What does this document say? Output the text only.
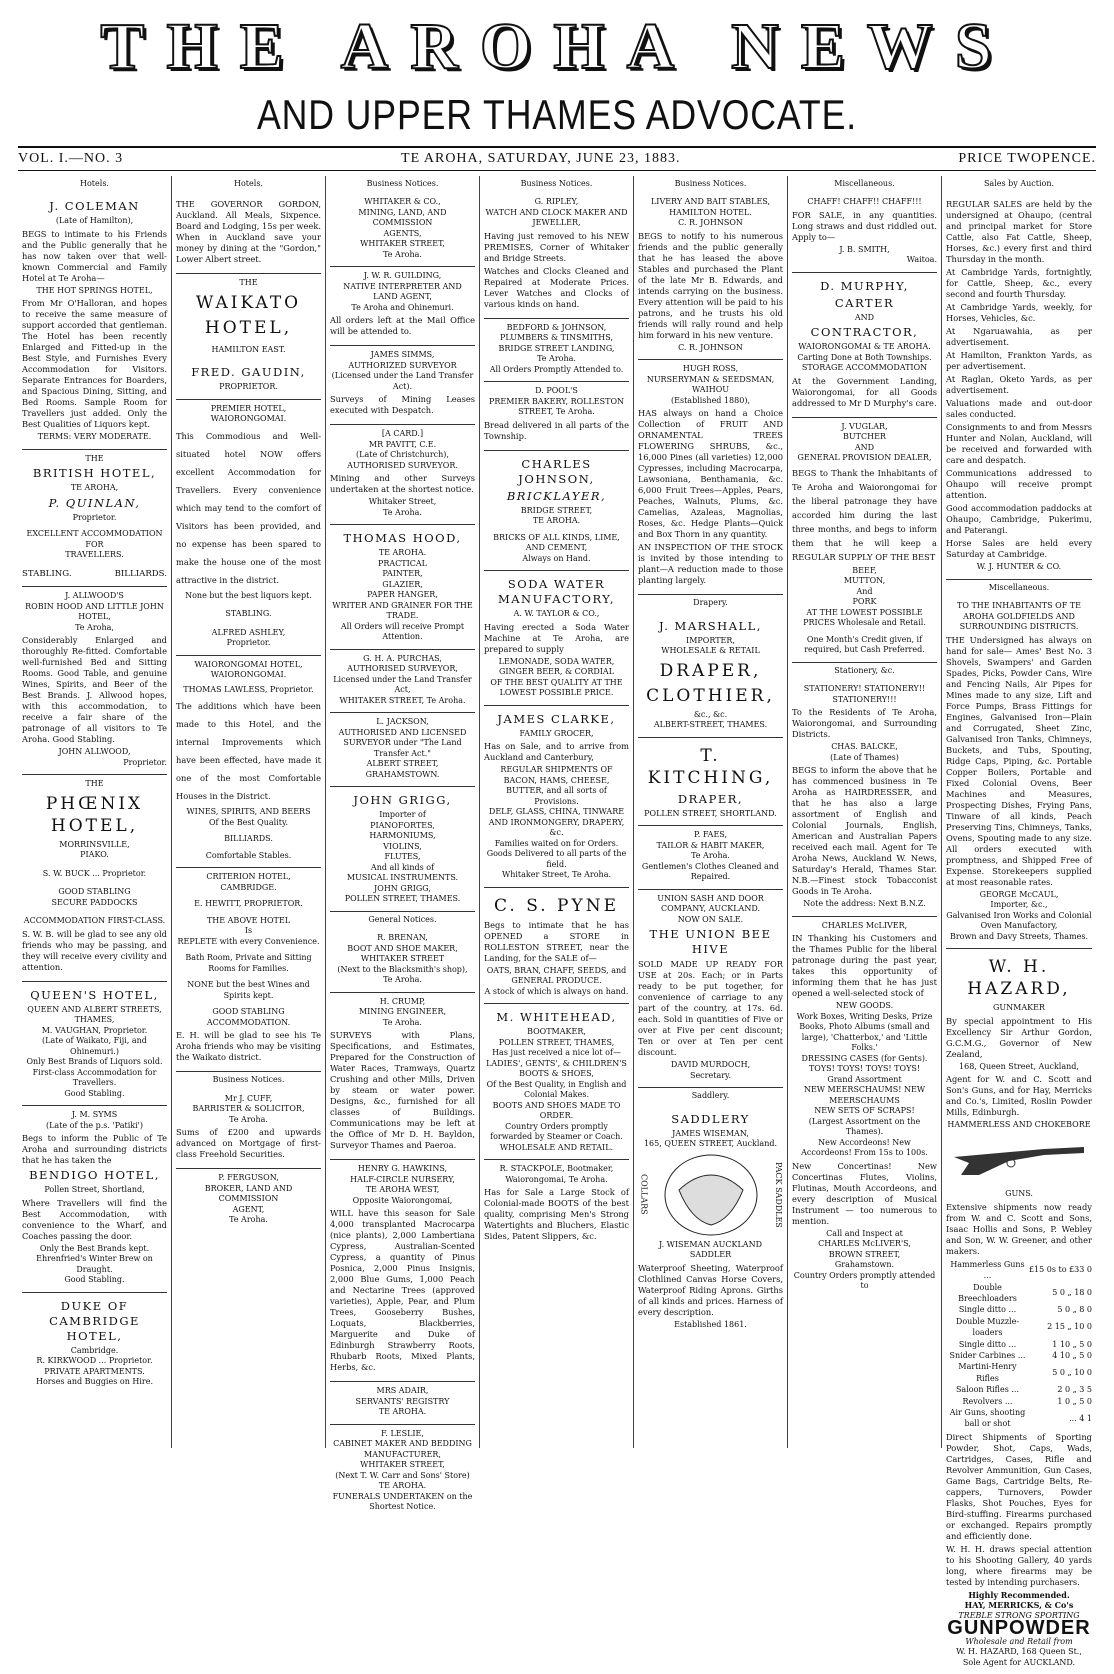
THE AROHA NEWS
AND UPPER THAMES ADVOCATE.
VOL. I.—NO. 3	TE AROHA, SATURDAY, JUNE 23, 1883.	PRICE TWOPENCE.
Hotels.
J. COLEMAN
(Late of Hamilton),
BEGS to intimate to his Friends and the Public generally that he has now taken over that well-known Commercial and Family Hotel at Te Aroha—
THE HOT SPRINGS HOTEL,
From Mr O'Halloran, and hopes to receive the same measure of support accorded that gentleman. The Hotel has been recently Enlarged and Fitted-up in the Best Style, and Furnishes Every Accommodation for Visitors. Separate Entrances for Boarders, and Spacious Dining, Sitting, and Bed Rooms. Sample Room for Travellers just added. Only the Best Qualities of Liquors kept.
TERMS: VERY MODERATE.
THE
BRITISH HOTEL,
TE AROHA,
P. QUINLAN,
Proprietor.
EXCELLENT ACCOMMODATION
FOR
TRAVELLERS.
STABLING.	BILLIARDS.
J. ALLWOOD'S
ROBIN HOOD AND LITTLE JOHN HOTEL,
Te Aroha,
Considerably Enlarged and thoroughly Re-fitted. Comfortable well-furnished Bed and Sitting Rooms. Good Table, and genuine Wines, Spirits, and Beer of the Best Brands. J. Allwood hopes, with this accommodation, to receive a fair share of the patronage of all visitors to Te Aroha. Good Stabling.
JOHN ALLWOOD,
Proprietor.
THE
PHŒNIX HOTEL,
MORRINSVILLE,
PIAKO.
S. W. BUCK ... Proprietor.
GOOD STABLING
SECURE PADDOCKS
ACCOMMODATION FIRST-CLASS.
S. W. B. will be glad to see any old friends who may be passing, and they will receive every civility and attention.
QUEEN'S HOTEL,
QUEEN AND ALBERT STREETS,
THAMES,
M. VAUGHAN, Proprietor.
(Late of Waikato, Fiji, and Ohinemuri.)
Only Best Brands of Liquors sold.
First-class Accommodation for Travellers.
Good Stabling.
J. M. SYMS
(Late of the p.s. 'Patiki')
Begs to inform the Public of Te Aroha and surrounding districts that he has taken the
BENDIGO HOTEL,
Pollen Street, Shortland,
Where Travellers will find the Best Accommodation, with convenience to the Wharf, and Coaches passing the door.
Only the Best Brands kept.
Ehrenfried's Winter Brew on Draught.
Good Stabling.
DUKE OF CAMBRIDGE HOTEL,
Cambridge.
R. KIRKWOOD ... Proprietor.
PRIVATE APARTMENTS.
Horses and Buggies on Hire.
Hotels.
THE GOVERNOR GORDON, Auckland. All Meals, Sixpence. Board and Lodging, 15s per week. When in Auckland save your money by dining at the "Gordon," Lower Albert street.
THE
WAIKATO
HOTEL,
HAMILTON EAST.
FRED. GAUDIN,
PROPRIETOR.
PREMIER HOTEL, WAIORONGOMAI.
This Commodious and Well-situated hotel NOW offers excellent Accommodation for Travellers. Every convenience which may tend to the comfort of Visitors has been provided, and no expense has been spared to make the house one of the most attractive in the district.
None but the best liquors kept.
STABLING.
ALFRED ASHLEY,
Proprietor.
WAIORONGOMAI HOTEL, WAIORONGOMAI.
THOMAS LAWLESS, Proprietor.
The additions which have been made to this Hotel, and the internal Improvements which have been effected, have made it one of the most Comfortable Houses in the District.
WINES, SPIRITS, AND BEERS
Of the Best Quality.
BILLIARDS.
Comfortable Stables.
CRITERION HOTEL,
CAMBRIDGE.
E. HEWITT, PROPRIETOR.
THE ABOVE HOTEL
Is
REPLETE with every Convenience.
Bath Room, Private and Sitting Rooms for Families.
NONE but the best Wines and Spirits kept.
GOOD STABLING ACCOMMODATION.
E. H. will be glad to see his Te Aroha friends who may be visiting the Waikato district.
Business Notices.
Mr J. CUFF,
BARRISTER & SOLICITOR,
Te Aroha.
Sums of £200 and upwards advanced on Mortgage of first-class Freehold Securities.
P. FERGUSON,
BROKER, LAND AND COMMISSION
AGENT,
Te Aroha.
Business Notices.
WHITAKER & CO.,
MINING, LAND, AND COMMISSION
AGENTS,
WHITAKER STREET,
Te Aroha.
J. W. R. GUILDING,
NATIVE INTERPRETER AND LAND AGENT,
Te Aroha and Ohinemuri.
All orders left at the Mail Office will be attended to.
JAMES SIMMS,
AUTHORIZED SURVEYOR
(Licensed under the Land Transfer Act).
Surveys of Mining Leases executed with Despatch.
[A CARD.]
MR PAVITT, C.E.
(Late of Christchurch),
AUTHORISED SURVEYOR.
Mining and other Surveys undertaken at the shortest notice.
Whitaker Street,
Te Aroha.
THOMAS HOOD,
TE AROHA.
PRACTICAL
PAINTER,
GLAZIER,
PAPER HANGER,
WRITER AND GRAINER FOR THE TRADE.
All Orders will receive Prompt Attention.
G. H. A. PURCHAS,
AUTHORISED SURVEYOR,
Licensed under the Land Transfer Act,
WHITAKER STREET, Te Aroha.
L. JACKSON,
AUTHORISED AND LICENSED SURVEYOR under "The Land Transfer Act."
ALBERT STREET, GRAHAMSTOWN.
JOHN GRIGG,
Importer of
PIANOFORTES,
HARMONIUMS,
VIOLINS,
FLUTES,
And all kinds of
MUSICAL INSTRUMENTS.
JOHN GRIGG,
POLLEN STREET, THAMES.
General Notices.
R. BRENAN,
BOOT AND SHOE MAKER,
WHITAKER STREET
(Next to the Blacksmith's shop),
Te Aroha.
H. CRUMP,
MINING ENGINEER,
Te Aroha.
SURVEYS with Plans, Specifications, and Estimates, Prepared for the Construction of Water Races, Tramways, Quartz Crushing and other Mills, Driven by steam or water power. Designs, &c., furnished for all classes of Buildings. Communications may be left at the Office of Mr D. H. Bayldon, Surveyor Thames and Paeroa.
HENRY G. HAWKINS,
HALF-CIRCLE NURSERY,
TE AROHA WEST,
Opposite Waiorongomai,
WILL have this season for Sale 4,000 transplanted Macrocarpa (nice plants), 2,000 Lambertiana Cypress, Australian-Scented Cypress, a quantity of Pinus Posnica, 2,000 Pinus Insignis, 2,000 Blue Gums, 1,000 Peach and Nectarine Trees (approved varieties), Apple, Pear, and Plum Trees, Gooseberry Bushes, Loquats, Blackberries, Marguerite and Duke of Edinburgh Strawberry Roots, Rhubarb Roots, Mixed Plants, Herbs, &c.
MRS ADAIR,
SERVANTS' REGISTRY
TE AROHA.
F. LESLIE,
CABINET MAKER AND BEDDING MANUFACTURER,
WHITAKER STREET,
(Next T. W. Carr and Sons' Store)
TE AROHA.
FUNERALS UNDERTAKEN on the Shortest Notice.
Business Notices.
G. RIPLEY,
WATCH AND CLOCK MAKER AND JEWELLER,
Having just removed to his NEW PREMISES, Corner of Whitaker and Bridge Streets.
Watches and Clocks Cleaned and Repaired at Moderate Prices. Lever Watches and Clocks of various kinds on hand.
BEDFORD & JOHNSON,
PLUMBERS & TINSMITHS,
BRIDGE STREET LANDING,
Te Aroha.
All Orders Promptly Attended to.
D. POOL'S
PREMIER BAKERY, ROLLESTON STREET, Te Aroha.
Bread delivered in all parts of the Township.
CHARLES JOHNSON,
BRICKLAYER,
BRIDGE STREET,
TE AROHA.
BRICKS OF ALL KINDS, LIME, AND CEMENT,
Always on Hand.
SODA WATER MANUFACTORY,
A. W. TAYLOR & CO.,
Having erected a Soda Water Machine at Te Aroha, are prepared to supply
LEMONADE, SODA WATER, GINGER BEER, & CORDIAL
OF THE BEST QUALITY AT THE LOWEST POSSIBLE PRICE.
JAMES CLARKE,
FAMILY GROCER,
Has on Sale, and to arrive from Auckland and Canterbury,
REGULAR SHIPMENTS OF
BACON, HAMS, CHEESE, BUTTER, and all sorts of Provisions.
DELF, GLASS, CHINA, TINWARE AND IRONMONGERY, DRAPERY, &c.
Families waited on for Orders.
Goods Delivered to all parts of the field.
Whitaker Street, Te Aroha.
C. S. PYNE
Begs to intimate that he has OPENED a STORE in ROLLESTON STREET, near the Landing, for the SALE of—
OATS, BRAN, CHAFF, SEEDS, and GENERAL PRODUCE.
A stock of which is always on hand.
M. WHITEHEAD,
BOOTMAKER,
POLLEN STREET, THAMES,
Has just received a nice lot of—
LADIES', GENTS', & CHILDREN'S BOOTS & SHOES,
Of the Best Quality, in English and Colonial Makes.
BOOTS AND SHOES MADE TO ORDER.
Country Orders promptly forwarded by Steamer or Coach.
WHOLESALE AND RETAIL.
R. STACKPOLE, Bootmaker, Waiorongomai, Te Aroha.
Has for Sale a Large Stock of Colonial-made BOOTS of the best quality, comprising Men's Strong Watertights and Bluchers, Elastic Sides, Patent Slippers, &c.
Business Notices.
LIVERY AND BAIT STABLES, HAMILTON HOTEL.
C. R. JOHNSON
BEGS to notify to his numerous friends and the public generally that he has leased the above Stables and purchased the Plant of the late Mr B. Edwards, and intends carrying on the business. Every attention will be paid to his patrons, and he trusts his old friends will rally round and help him forward in his new venture.
C. R. JOHNSON
HUGH ROSS,
NURSERYMAN & SEEDSMAN, WAIHOU
(Established 1880),
HAS always on hand a Choice Collection of FRUIT AND ORNAMENTAL TREES FLOWERING SHRUBS, &c., 16,000 Pines (all varieties) 12,000 Cypresses, including Macrocarpa, Lawsoniana, Benthamania, &c. 6,000 Fruit Trees—Apples, Pears, Peaches, Walnuts, Plums, &c. Camelias, Azaleas, Magnolias, Roses, &c. Hedge Plants—Quick and Box Thorn in any quantity.
AN INSPECTION OF THE STOCK is invited by those intending to plant—A reduction made to those planting largely.
Drapery.
J. MARSHALL,
IMPORTER,
WHOLESALE & RETAIL
DRAPER,
CLOTHIER,
&c., &c.
ALBERT-STREET, THAMES.
T. KITCHING,
DRAPER,
POLLEN STREET, SHORTLAND.
P. FAES,
TAILOR & HABIT MAKER,
Te Aroha.
Gentlemen's Clothes Cleaned and Repaired.
UNION SASH AND DOOR COMPANY, AUCKLAND.
NOW ON SALE.
THE UNION BEE HIVE
SOLD MADE UP READY FOR USE at 20s. Each; or in Parts ready to be put together, for convenience of carriage to any part of the country, at 17s. 6d. each. Sold in quantities of Five or over at Five per cent discount; Ten or over at Ten per cent discount.
DAVID MURDOCH,
Secretary.
Saddlery.
SADDLERY
JAMES WISEMAN,
165, QUEEN STREET, Auckland.
COLLARS	PACK SADDLES
J. WISEMAN AUCKLAND SADDLER
Waterproof Sheeting, Waterproof Clothlined Canvas Horse Covers, Waterproof Riding Aprons. Girths of all kinds and prices. Harness of every description.
Established 1861.
Miscellaneous.
CHAFF! CHAFF!! CHAFF!!!
FOR SALE, in any quantities. Long straws and dust riddled out. Apply to—
J. B. SMITH,
Waitoa.
D. MURPHY,
CARTER
AND
CONTRACTOR,
WAIORONGOMAI & TE AROHA.
Carting Done at Both Townships.
STORAGE ACCOMMODATION
At the Government Landing, Waiorongomai, for all Goods addressed to Mr D Murphy's care.
J. VUGLAR,
BUTCHER
AND
GENERAL PROVISION DEALER,
BEGS to Thank the Inhabitants of Te Aroha and Waiorongomai for the liberal patronage they have accorded him during the last three months, and begs to inform them that he will keep a REGULAR SUPPLY OF THE BEST
BEEF,
MUTTON,
And
PORK
AT THE LOWEST POSSIBLE PRICES Wholesale and Retail.
One Month's Credit given, if required, but Cash Preferred.
Stationery, &c.
STATIONERY! STATIONERY!! STATIONERY!!!
To the Residents of Te Aroha, Waiorongomai, and Surrounding Districts.
CHAS. BALCKE,
(Late of Thames)
BEGS to inform the above that he has commenced business in Te Aroha as HAIRDRESSER, and that he has also a large assortment of English and Colonial Journals, English, American and Australian Papers received each mail. Agent for Te Aroha News, Auckland W. News, Saturday's Herald, Thames Star. N.B.—Finest stock Tobacconist Goods in Te Aroha.
Note the address: Next B.N.Z.
CHARLES McLIVER,
IN Thanking his Customers and the Thames Public for the liberal patronage during the past year, takes this opportunity of informing them that he has just opened a well-selected stock of
NEW GOODS.
Work Boxes, Writing Desks, Prize Books, Photo Albums (small and large), 'Chatterbox,' and 'Little Folks.'
DRESSING CASES (for Gents).
TOYS! TOYS! TOYS! TOYS!
Grand Assortment
NEW MEERSCHAUMS! NEW MEERSCHAUMS
NEW SETS OF SCRAPS!
(Largest Assortment on the Thames).
New Accordeons! New Accordeons! From 15s to 100s.
New Concertinas! New Concertinas Flutes, Violins, Flutinas, Mouth Accordeons, and every description of Musical Instrument — too numerous to mention.
Call and Inspect at
CHARLES McLIVER'S,
BROWN STREET,
Grahamstown.
Country Orders promptly attended to
Sales by Auction.
REGULAR SALES are held by the undersigned at Ohaupo, (central and principal market for Store Cattle, also Fat Cattle, Sheep, Horses, &c.) every first and third Thursday in the month.
At Cambridge Yards, fortnightly, for Cattle, Sheep, &c., every second and fourth Thursday.
At Cambridge Yards, weekly, for Horses, Vehicles, &c.
At Ngaruawahia, as per advertisement.
At Hamilton, Frankton Yards, as per advertisement.
At Raglan, Oketo Yards, as per advertisement.
Valuations made and out-door sales conducted.
Consignments to and from Messrs Hunter and Nolan, Auckland, will be received and forwarded with care and despatch.
Communications addressed to Ohaupo will receive prompt attention.
Good accommodation paddocks at Ohaupo, Cambridge, Pukerimu, and Paterangi.
Horse Sales are held every Saturday at Cambridge.
W. J. HUNTER & CO.
Miscellaneous.
TO THE INHABITANTS OF TE AROHA GOLDFIELDS AND SURROUNDING DISTRICTS.
THE Undersigned has always on hand for sale— Ames' Best No. 3 Shovels, Swampers' and Garden Spades, Picks, Powder Cans, Wire and Fencing Nails, Air Pipes for Mines made to any size, Lift and Force Pumps, Brass Fittings for Engines, Galvanised Iron—Plain and Corrugated, Sheet Zinc, Galvanised Iron Tanks, Chimneys, Buckets, and Tubs, Spouting, Ridge Caps, Piping, &c. Portable Copper Boilers, Portable and Fixed Colonial Ovens, Beer Machines and Measures, Prospecting Dishes, Frying Pans, Tinware of all kinds, Peach Preserving Tins, Chimneys, Tanks, Ovens, Spouting made to any size. All orders executed with promptness, and Shipped Free of Expense. Storekeepers supplied at most reasonable rates.
GEORGE McCAUL,
Importer, &c.,
Galvanised Iron Works and Colonial Oven Manufactory,
Brown and Davy Streets, Thames.
W. H. HAZARD,
GUNMAKER
By special appointment to His Excellency Sir Arthur Gordon, G.C.M.G., Governor of New Zealand,
168, Queen Street, Auckland,
Agent for W. and C. Scott and Son's Guns, and for Hay, Merricks and Co.'s, Limited, Roslin Powder Mills, Edinburgh.
HAMMERLESS AND CHOKEBORE
GUNS.
Extensive shipments now ready from W. and C. Scott and Sons, Isaac Hollis and Sons, P. Webley and Son, W. W. Greener, and other makers.
Hammerless Guns ...	£15 0s to £33 0
Double Breechloaders	5 0 „ 18 0
Single ditto ...	5 0 „ 8 0
Double Muzzle-loaders	2 15 „ 10 0
Single ditto ...	1 10 „ 5 0
Snider Carbines ...	4 10 „ 5 0
Martini-Henry Rifles	5 0 „ 10 0
Saloon Rifles ...	2 0 „ 3 5
Revolvers ...	1 0 „ 5 0
Air Guns, shooting ball or shot	... 4 1
Direct Shipments of Sporting Powder, Shot, Caps, Wads, Cartridges, Cases, Rifle and Revolver Ammunition, Gun Cases, Game Bags, Cartridge Belts, Re-cappers, Turnovers, Powder Flasks, Shot Pouches, Eyes for Bird-stuffing. Firearms purchased or exchanged. Repairs promptly and efficiently done.
W. H. H. draws special attention to his Shooting Gallery, 40 yards long, where firearms may be tested by intending purchasers.
Highly Recommended.
HAY, MERRICKS, & Co's
TREBLE STRONG SPORTING
GUNPOWDER
Wholesale and Retail from
W. H. HAZARD, 168 Queen St.,
Sole Agent for AUCKLAND.
